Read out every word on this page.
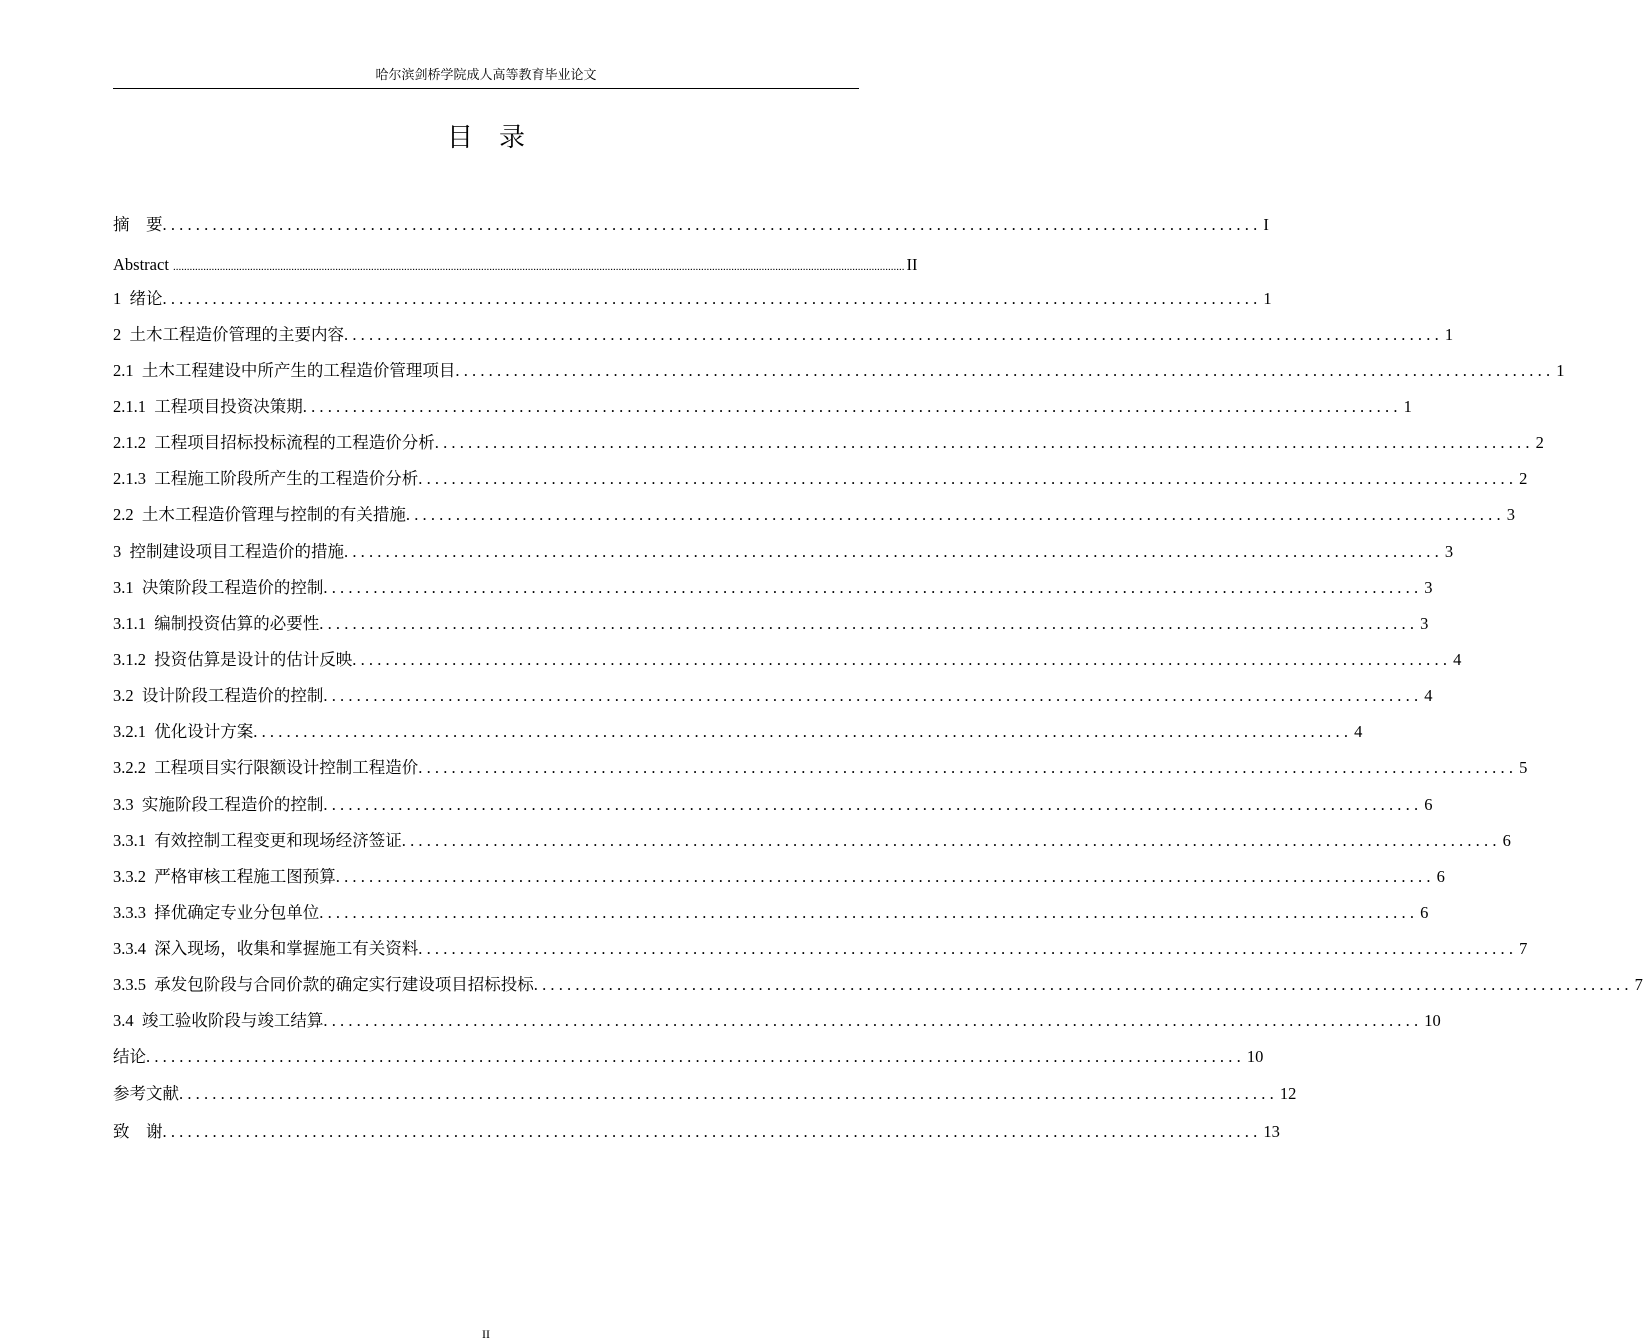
哈尔滨剑桥学院成人高等教育毕业论文
目    录
摘    要 .................................................................................................................................... I
Abstract .......................................................................................................................................................................................................................................................................... II
1  绪论 .................................................................................................................................... 1
2  土木工程造价管理的主要内容 .................................................................................................................................... 1
2.1  土木工程建设中所产生的工程造价管理项目 .................................................................................................................................... 1
2.1.1  工程项目投资决策期 .................................................................................................................................... 1
2.1.2  工程项目招标投标流程的工程造价分析 .................................................................................................................................... 2
2.1.3  工程施工阶段所产生的工程造价分析 .................................................................................................................................... 2
2.2  土木工程造价管理与控制的有关措施 .................................................................................................................................... 3
3  控制建设项目工程造价的措施 .................................................................................................................................... 3
3.1  决策阶段工程造价的控制 .................................................................................................................................... 3
3.1.1  编制投资估算的必要性 .................................................................................................................................... 3
3.1.2  投资估算是设计的估计反映 .................................................................................................................................... 4
3.2  设计阶段工程造价的控制 .................................................................................................................................... 4
3.2.1  优化设计方案 .................................................................................................................................... 4
3.2.2  工程项目实行限额设计控制工程造价 .................................................................................................................................... 5
3.3  实施阶段工程造价的控制 .................................................................................................................................... 6
3.3.1  有效控制工程变更和现场经济签证 .................................................................................................................................... 6
3.3.2  严格审核工程施工图预算 .................................................................................................................................... 6
3.3.3  择优确定专业分包单位 .................................................................................................................................... 6
3.3.4  深入现场，收集和掌握施工有关资料 .................................................................................................................................... 7
3.3.5  承发包阶段与合同价款的确定实行建设项目招标投标 .................................................................................................................................... 7
3.4  竣工验收阶段与竣工结算 .................................................................................................................................... 10
结论 .................................................................................................................................... 10
参考文献 .................................................................................................................................... 12
致    谢 .................................................................................................................................... 13
II
